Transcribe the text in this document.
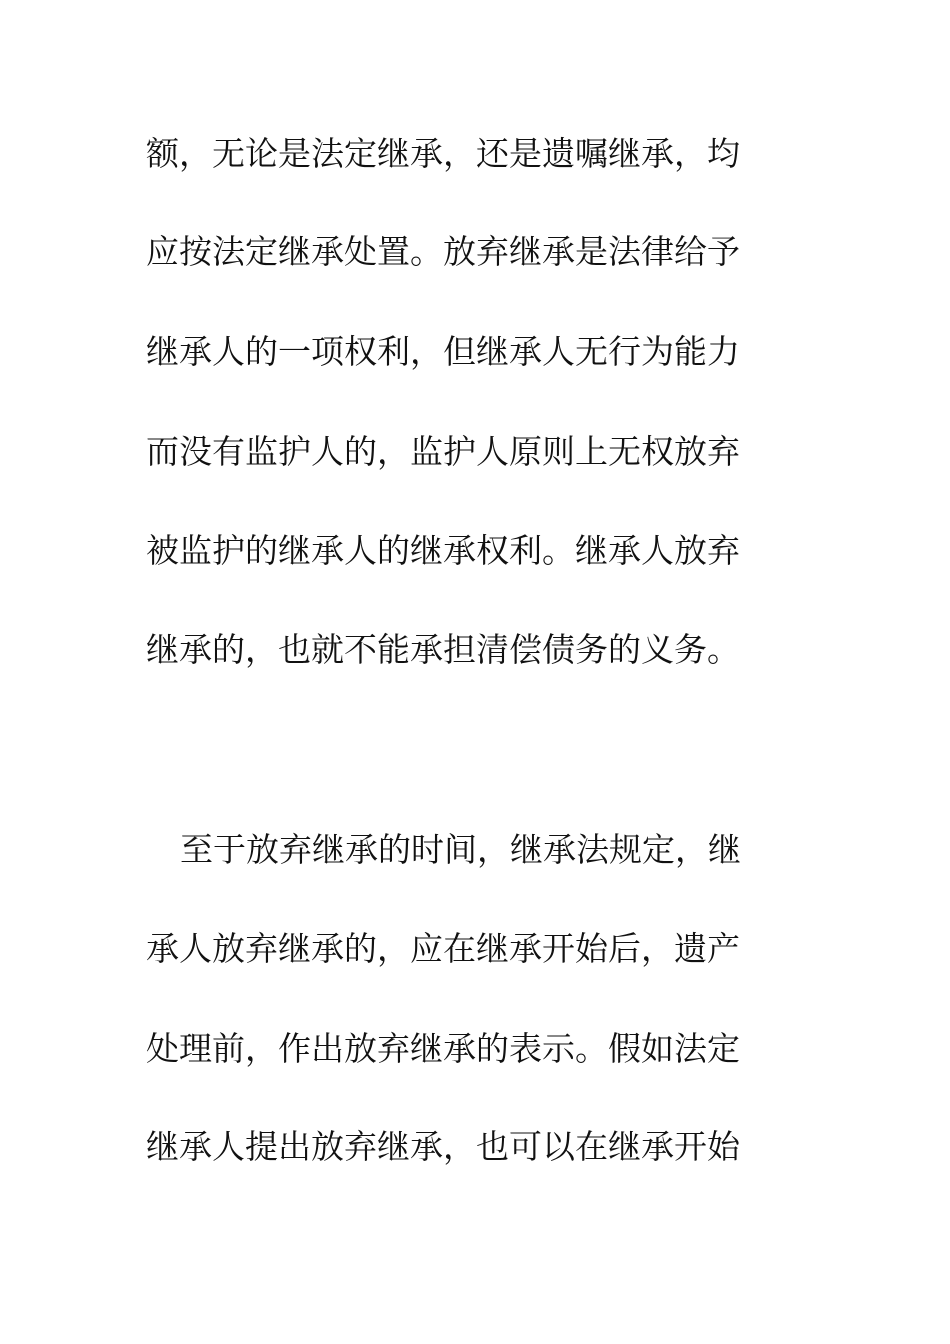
额，无论是法定继承，还是遗嘱继承，均
应按法定继承处置。放弃继承是法律给予
继承人的一项权利，但继承人无行为能力
而没有监护人的，监护人原则上无权放弃
被监护的继承人的继承权利。继承人放弃
继承的，也就不能承担清偿债务的义务。
至于放弃继承的时间，继承法规定，继
承人放弃继承的，应在继承开始后，遗产
处理前，作出放弃继承的表示。假如法定
继承人提出放弃继承，也可以在继承开始
